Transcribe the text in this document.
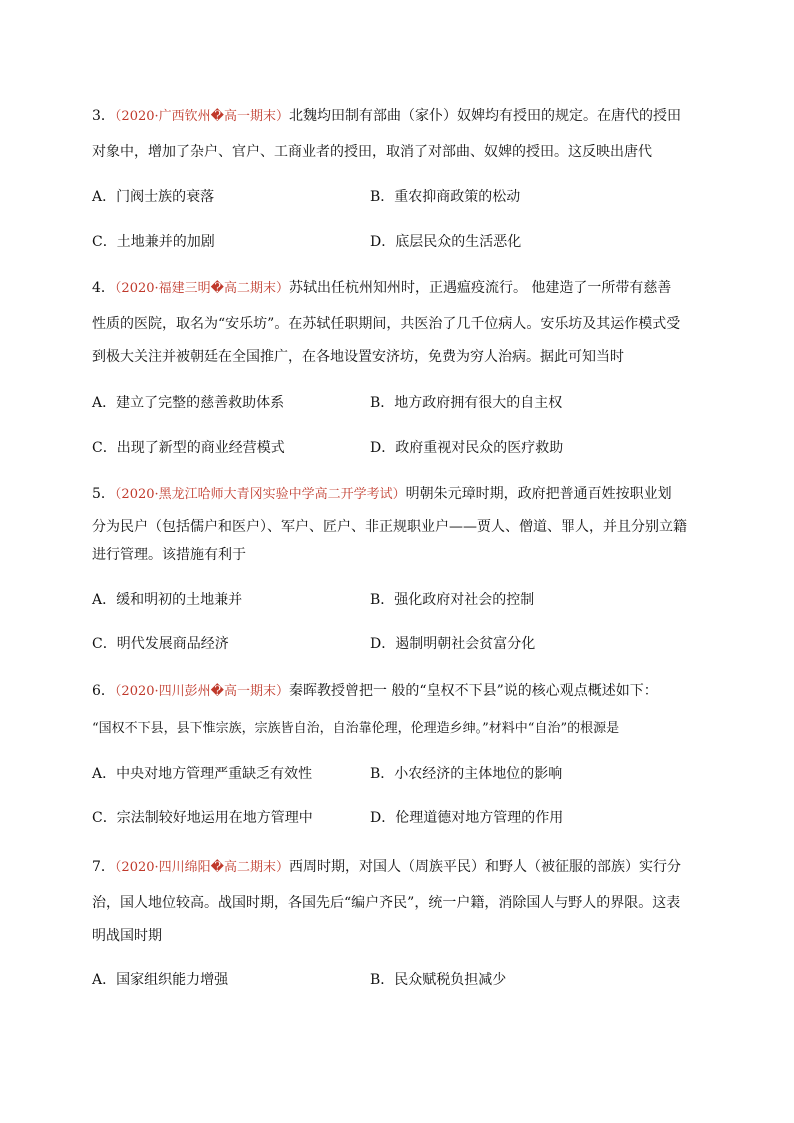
3．（2020·广西钦州�高一期末）北魏均田制有部曲（家仆）奴婢均有授田的规定。在唐代的授田
对象中，增加了杂户、官户、工商业者的授田，取消了对部曲、奴婢的授田。这反映出唐代
A．门阀士族的衰落	B．重农抑商政策的松动
C．土地兼并的加剧	D．底层民众的生活恶化
4．（2020·福建三明�高二期末）苏轼出任杭州知州时，正遇瘟疫流行。 他建造了一所带有慈善
性质的医院，取名为“安乐坊”。在苏轼任职期间，共医治了几千位病人。安乐坊及其运作模式受
到极大关注并被朝廷在全国推广，在各地设置安济坊，免费为穷人治病。据此可知当时
A．建立了完整的慈善救助体系	B．地方政府拥有很大的自主权
C．出现了新型的商业经营模式	D．政府重视对民众的医疗救助
5．（2020·黑龙江哈师大青冈实验中学高二开学考试）明朝朱元璋时期，政府把普通百姓按职业划
分为民户（包括儒户和医户）、军户、匠户、非正规职业户——贾人、僧道、罪人，并且分别立籍
进行管理。该措施有利于
A．缓和明初的土地兼并	B．强化政府对社会的控制
C．明代发展商品经济	D．遏制明朝社会贫富分化
6．（2020·四川彭州�高一期末）秦晖教授曾把一 般的“皇权不下县”说的核心观点概述如下：
“国权不下县，县下惟宗族，宗族皆自治，自治靠伦理，伦理造乡绅。”材料中“自治”的根源是
A．中央对地方管理严重缺乏有效性	B．小农经济的主体地位的影响
C．宗法制较好地运用在地方管理中	D．伦理道德对地方管理的作用
7．（2020·四川绵阳�高二期末）西周时期，对国人（周族平民）和野人（被征服的部族）实行分
治，国人地位较高。战国时期，各国先后“编户齐民”，统一户籍，消除国人与野人的界限。这表
明战国时期
A．国家组织能力增强	B．民众赋税负担减少
